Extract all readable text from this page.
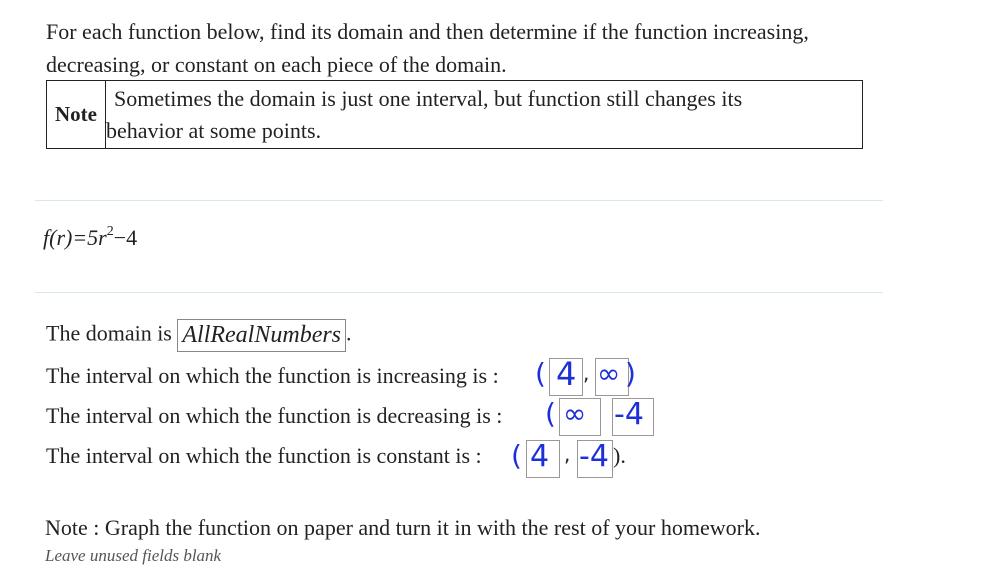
For each function below, find its domain and then determine if the function increasing, decreasing, or constant on each piece of the domain.
Note
Sometimes the domain is just one interval, but function still changes its
behavior at some points.
$f(r)=5r^2-4$
The domain is AllRealNumbers .
The interval on which the function is increasing is : ( 4 , ∞ )
The interval on which the function is decreasing is : ( ∞ -4
The interval on which the function is constant is : ( 4 , -4 ).
Note : Graph the function on paper and turn it in with the rest of your homework.
Leave unused fields blank
